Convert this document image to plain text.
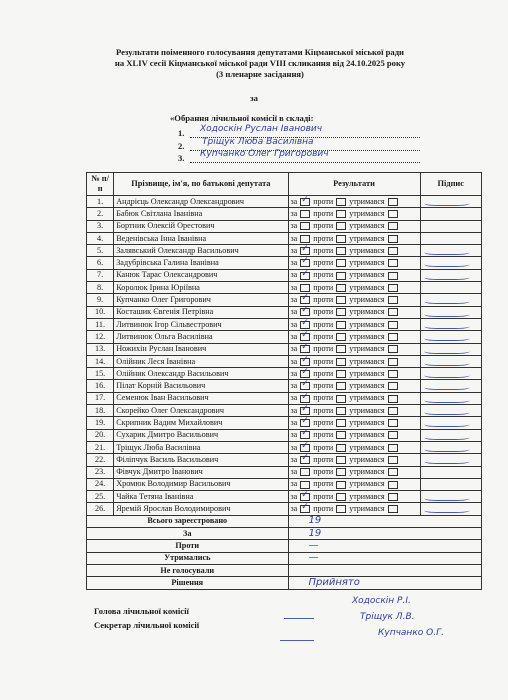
Результати поіменного голосування депутатами Кіцманської міської ради
на XLIV сесії Кіцманської міської ради VIII скликання від 24.10.2025 року
(3 пленарне засідання)
за
«Обрання лічильної комісії в складі:
1. Ходоскін Руслан Іванович
2. Тріщук Люба Василівна
3. Купчанко Олег Григорович
№ п/п	Прізвище, ім'я, по батькові депутата	Результати	Підпис
1.	Андрієць Олександр Олександрович	за ✓ проти утримався	

2.	Бабюк Світлана Іванівна	за проти утримався	
3.	Бортник Олексій Орестович	за проти утримався	
4.	Веденівська Інна Іванівна	за проти утримався	
5.	Залявський Олександр Васильович	за ✓ проти утримався	

6.	Задубрівська Галина Іванівна	за ✓ проти утримався	

7.	Канюк Тарас Олександрович	за ✓ проти утримався	

8.	Королюк Ірина Юріївна	за проти утримався	
9.	Купчанко Олег Григорович	за ✓ проти утримався	

10.	Косташик Євгенія Петрівна	за ✓ проти утримався	

11.	Литвинюк Ігор Сільвестрович	за ✓ проти утримався	

12.	Литвинюк Ольга Василівна	за ✓ проти утримався	

13.	Ножихін Руслан Іванович	за ✓ проти утримався	

14.	Олійник Леся Іванівна	за ✓ проти утримався	

15.	Олійник Олександр Васильович	за ✓ проти утримався	

16.	Пілат Корній Васильович	за ✓ проти утримався	

17.	Семенюк Іван Васильович	за ✓ проти утримався	

18.	Скорейко Олег Олександрович	за ✓ проти утримався	

19.	Скрипник Вадим Михайлович	за ✓ проти утримався	

20.	Сухарик Дмитро Васильович	за ✓ проти утримався	

21.	Тріщук Люба Василівна	за ✓ проти утримався	

22.	Філіпчук Василь Васильович	за ✓ проти утримався	

23.	Фівчук Дмитро Іванович	за проти утримався	
24.	Хромюк Володимир Васильович	за проти утримався	
25.	Чайка Тетяна Іванівна	за ✓ проти утримався	

26.	Яремій Ярослав Володимирович	за ✓ проти утримався	

Всього зареєстровано		19	
За		19	
Проти		—	
Утримались		—	
Не голосували			
Рішення		Прийнято	
Голова лічильної комісії
Секретар лічильної комісії
Ходоскін Р.І.
Тріщук Л.В.
Купчанко О.Г.
